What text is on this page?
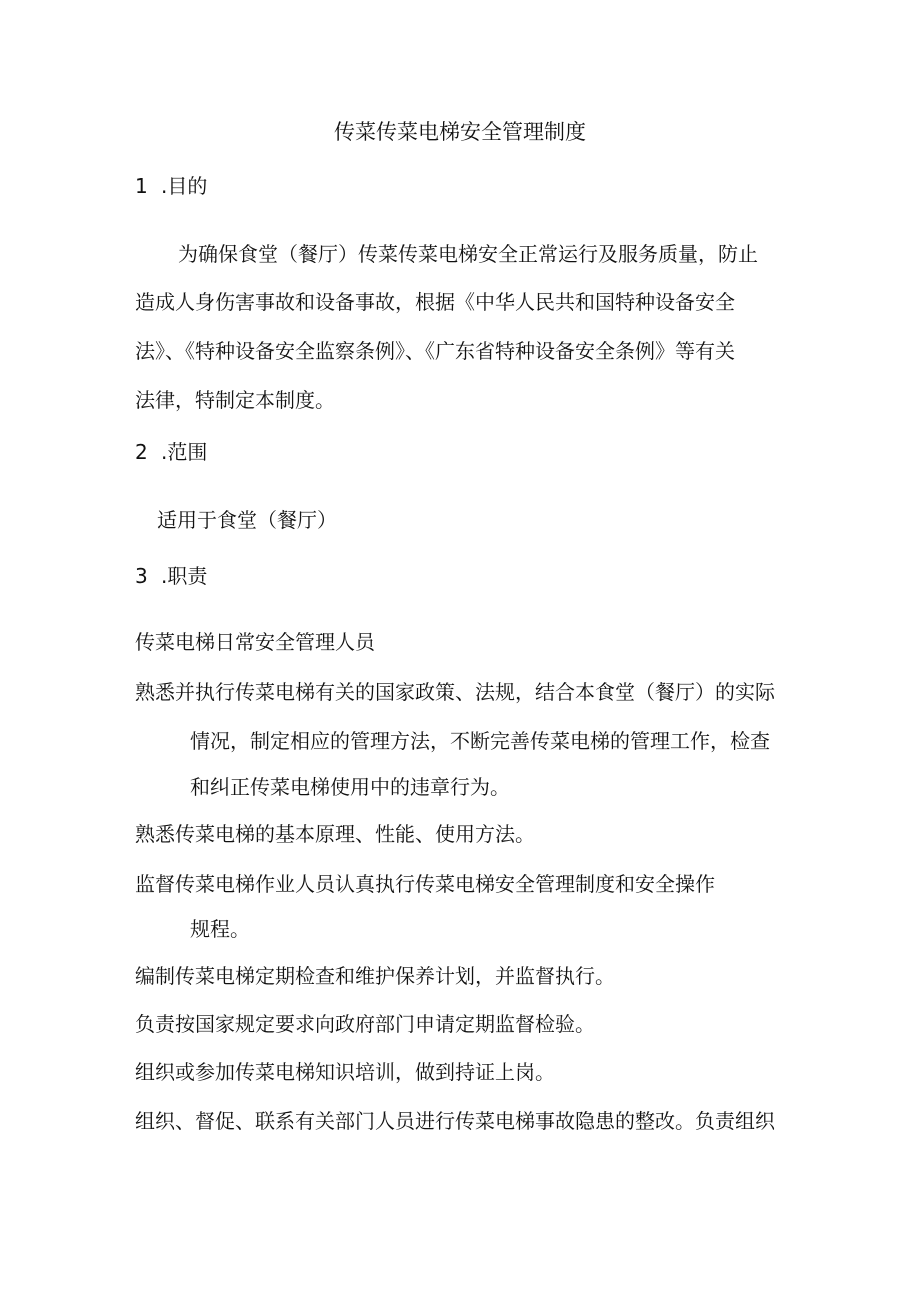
传菜传菜电梯安全管理制度
1 .目的

为确保食堂（餐厅）传菜传菜电梯安全正常运行及服务质量，防止

造成人身伤害事故和设备事故，根据《中华人民共和国特种设备安全

法》、《特种设备安全监察条例》、《广东省特种设备安全条例》等有关

法律，特制定本制度。

2 .范围

适用于食堂（餐厅）

3 .职责

传菜电梯日常安全管理人员

熟悉并执行传菜电梯有关的国家政策、法规，结合本食堂（餐厅）的实际

情况，制定相应的管理方法，不断完善传菜电梯的管理工作，检查

和纠正传菜电梯使用中的违章行为。

熟悉传菜电梯的基本原理、性能、使用方法。

监督传菜电梯作业人员认真执行传菜电梯安全管理制度和安全操作

规程。

编制传菜电梯定期检查和维护保养计划，并监督执行。

负责按国家规定要求向政府部门申请定期监督检验。

组织或参加传菜电梯知识培训，做到持证上岗。

组织、督促、联系有关部门人员进行传菜电梯事故隐患的整改。负责组织
